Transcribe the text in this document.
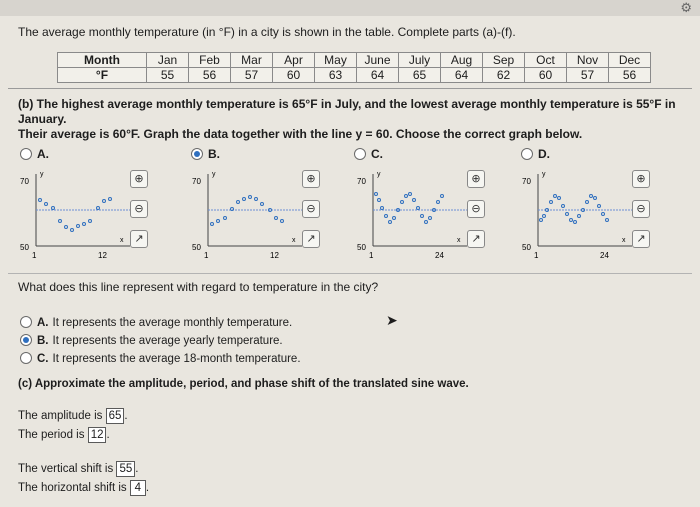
⚙
The average monthly temperature (in °F) in a city is shown in the table. Complete parts (a)-(f).
Month	Jan	Feb	Mar	Apr	May	June	July	Aug	Sep	Oct	Nov	Dec
°F	55	56	57	60	63	64	65	64	62	60	57	56
(b) The highest average monthly temperature is 65°F in July, and the lowest average monthly temperature is 55°F in January.
Their average is 60°F. Graph the data together with the line y = 60. Choose the correct graph below.
A.	B.	C.	D.
70
50
12
1
y
x
⊕
⊖
↗
70
50
12
1
y
x
⊕
⊖
↗
70
50
24
1
y
x
⊕
⊖
↗
70
50
24
1
y
x
⊕
⊖
↗
What does this line represent with regard to temperature in the city?
A. It represents the average monthly temperature.
B. It represents the average yearly temperature.
C. It represents the average 18-month temperature.
➤
(c) Approximate the amplitude, period, and phase shift of the translated sine wave.
The amplitude is 65 .
The period is 12 .
The vertical shift is 55 .
The horizontal shift is 4 .
